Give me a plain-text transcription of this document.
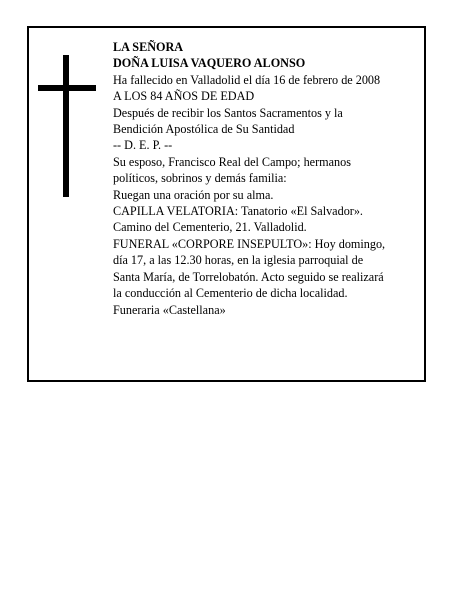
LA SEÑORA
DOÑA LUISA VAQUERO ALONSO
Ha fallecido en Valladolid el día 16 de febrero de 2008
A LOS 84 AÑOS DE EDAD
Después de recibir los Santos Sacramentos y la
Bendición Apostólica de Su Santidad
-- D. E. P. --
Su esposo, Francisco Real del Campo; hermanos
políticos, sobrinos y demás familia:
Ruegan una oración por su alma.
CAPILLA VELATORIA: Tanatorio «El Salvador».
Camino del Cementerio, 21. Valladolid.
FUNERAL «CORPORE INSEPULTO»: Hoy domingo,
día 17, a las 12.30 horas, en la iglesia parroquial de
Santa María, de Torrelobatón. Acto seguido se realizará
la conducción al Cementerio de dicha localidad.
Funeraria «Castellana»
